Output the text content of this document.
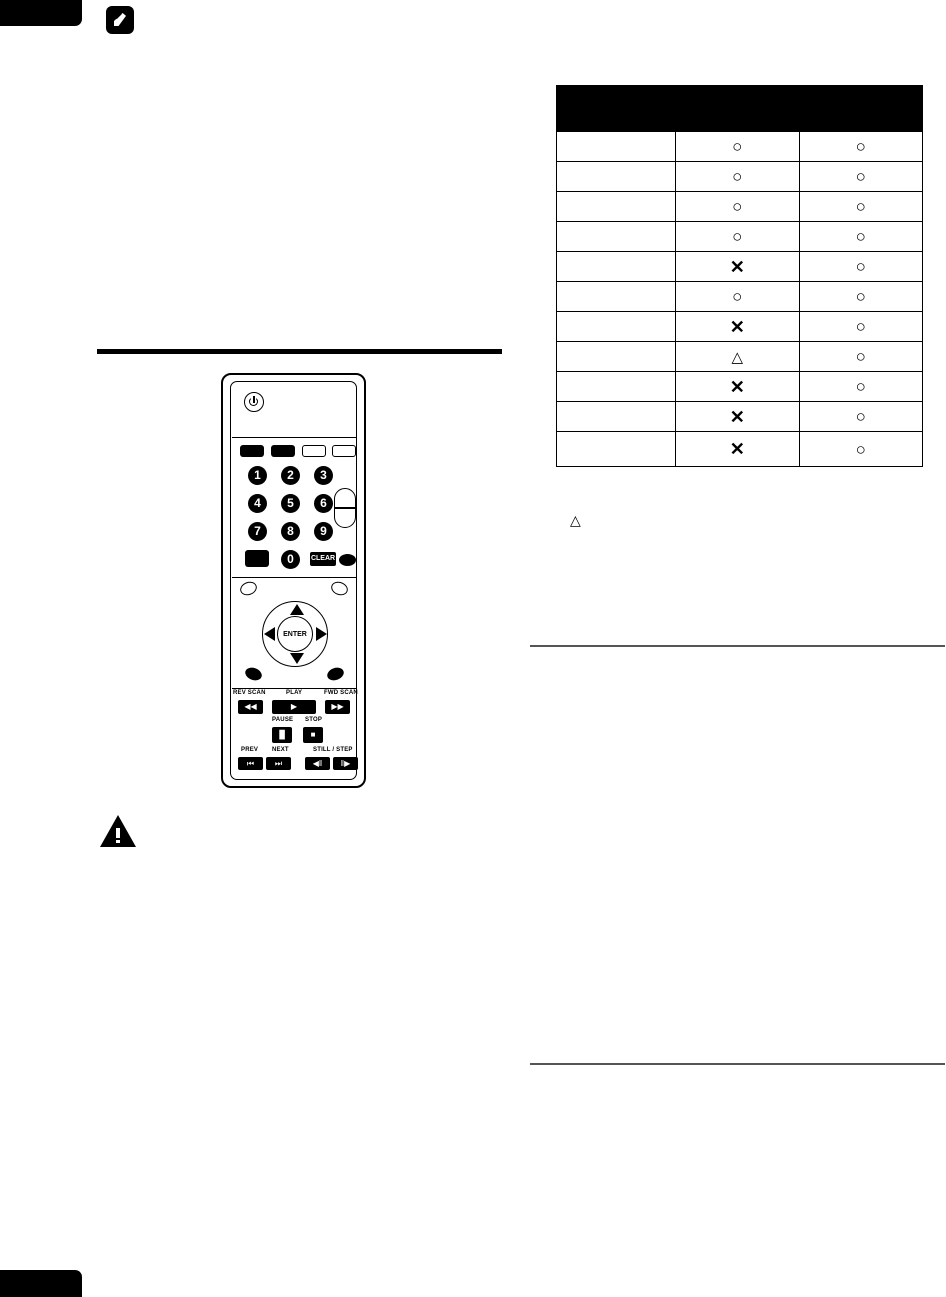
	○	○
	○	○
	○	○
	○	○
	✕	○
	○	○
	✕	○
	△	○
	✕	○
	✕	○
	✕	○
△
1	2	3
4	5	6
7	8	9
0	CLEAR
ENTER
REV SCAN	PLAY	FWD SCAN
◀◀	▶	▶▶
PAUSE STOP
▐▌	■
PREV NEXT	STILL / STEP
⏮	⏭	◀‖	‖▶
